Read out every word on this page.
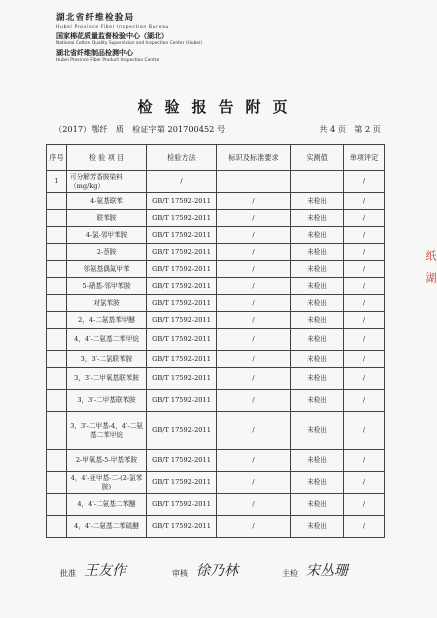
湖北省纤维检验局
Hubei Province Fiber Inspection Bureau
国家棉花质量监督检验中心（湖北）
National Cotton Quality Supervision and Inspection Center (Hubei)
湖北省纤维制品检测中心
Hubei Province Fiber Product Inspection Centre
检验报告附页
（2017）鄂纤　质　检证字第 201700452 号	共 4 页　第 2 页
序号	检 验 项 目	检验方法	标识及标准要求	实测值	单项评定
1	可分解芳香胺染料（mg/kg）	/			/
	4-氨基联苯	GB/T 17592-2011	/	未检出	/
	联苯胺	GB/T 17592-2011	/	未检出	/
	4-氯-邻甲苯胺	GB/T 17592-2011	/	未检出	/
	2-萘胺	GB/T 17592-2011	/	未检出	/
	邻氨基偶氮甲苯	GB/T 17592-2011	/	未检出	/
	5-硝基-邻甲苯胺	GB/T 17592-2011	/	未检出	/
	对氯苯胺	GB/T 17592-2011	/	未检出	/
	2，4-二氨基苯甲醚	GB/T 17592-2011	/	未检出	/
	4，4′-二氨基二苯甲烷	GB/T 17592-2011	/	未检出	/
	3，3′-二氯联苯胺	GB/T 17592-2011	/	未检出	/
	3，3′-二甲氧基联苯胺	GB/T 17592-2011	/	未检出	/
	3，3′-二甲基联苯胺	GB/T 17592-2011	/	未检出	/
	3，3′-二甲基-4，4′-二氨基二苯甲烷	GB/T 17592-2011	/	未检出	/
	2-甲氧基-5-甲基苯胺	GB/T 17592-2011	/	未检出	/
	4，4′-亚甲基-二-(2-氯苯胺)	GB/T 17592-2011	/	未检出	/
	4，4′-二氨基二苯醚	GB/T 17592-2011	/	未检出	/
	4，4′-二氨基二苯硫醚	GB/T 17592-2011	/	未检出	/
纸　湖
批准 王友作	审核 徐乃林	主检 宋丛珊
